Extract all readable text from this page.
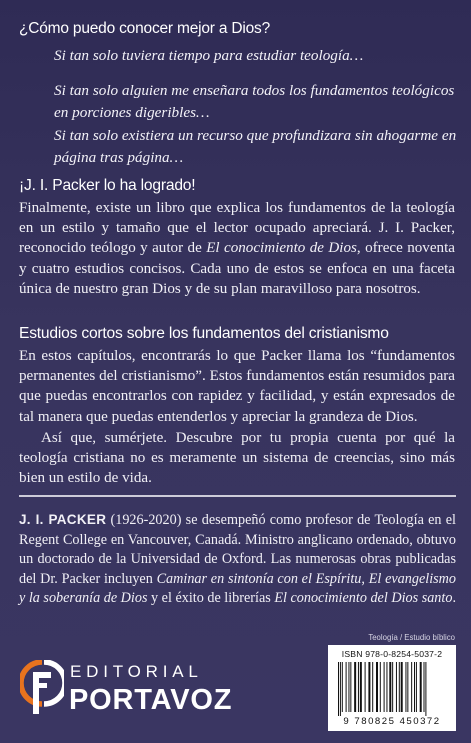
¿Cómo puedo conocer mejor a Dios?
Si tan solo tuviera tiempo para estudiar teología…
Si tan solo alguien me enseñara todos los fundamentos teológicos en porciones digeribles…
Si tan solo existiera un recurso que profundizara sin ahogarme en página tras página…
¡J. I. Packer lo ha logrado!

Finalmente, existe un libro que explica los fundamentos de la teología en un estilo y tamaño que el lector ocupado apreciará. J. I. Packer, reconocido teólogo y autor de El conocimiento de Dios, ofrece noventa y cuatro estudios concisos. Cada uno de estos se enfoca en una faceta única de nuestro gran Dios y de su plan maravilloso para nosotros.

Estudios cortos sobre los fundamentos del cristianismo

En estos capítulos, encontrarás lo que Packer llama los “fundamentos permanentes del cristianismo”. Estos fundamentos están resumidos para que puedas encontrarlos con rapidez y facilidad, y están expresados de tal manera que puedas entenderlos y apreciar la grandeza de Dios.

Así que, sumérjete. Descubre por tu propia cuenta por qué la teología cristiana no es meramente un sistema de creencias, sino más bien un estilo de vida.

J. I. PACKER (1926-2020) se desempeñó como profesor de Teología en el Regent College en Vancouver, Canadá. Ministro anglicano ordenado, obtuvo un doctorado de la Universidad de Oxford. Las numerosas obras publicadas del Dr. Packer incluyen Caminar en sintonía con el Espíritu, El evangelismo y la soberanía de Dios y el éxito de librerías El conocimiento del Dios santo.

EDITORIAL
PORTAVOZ
Teología / Estudio bíblico
ISBN 978-0-8254-5037-2
9 780825 450372
